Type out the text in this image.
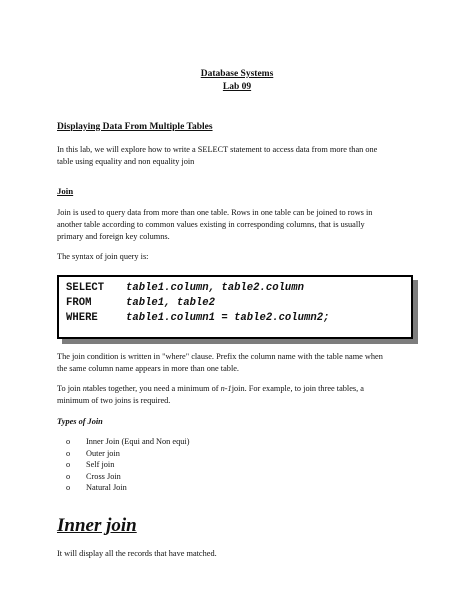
Database Systems
Lab 09
Displaying Data From Multiple Tables
In this lab, we will explore how to write a SELECT statement to access data from more than one
table using equality and non equality join
Join
Join is used to query data from more than one table. Rows in one table can be joined to rows in
another table according to common values existing in corresponding columns, that is usually
primary and foreign key columns.
The syntax of join query is:
SELECT table1.column, table2.column
FROM	table1, table2
WHERE	table1.column1 = table2.column2;
The join condition is written in "where" clause. Prefix the column name with the table name when
the same column name appears in more than one table.
To join ntables together, you need a minimum of n-1join. For example, to join three tables, a
minimum of two joins is required.
Types of Join
o Inner Join (Equi and Non equi)
o Outer join
o Self join
o Cross Join
o Natural Join
Inner join
It will display all the records that have matched.
